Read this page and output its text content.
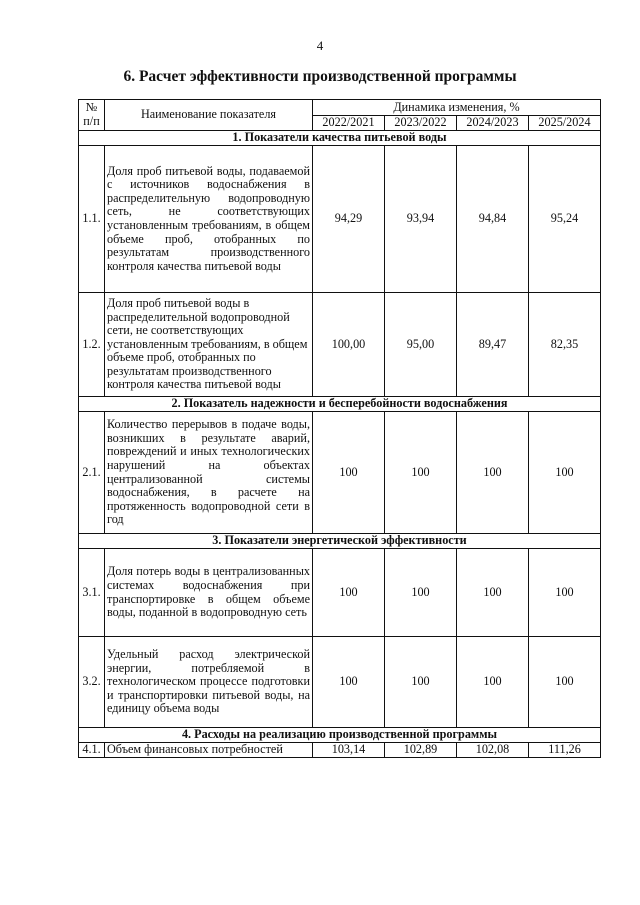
4
6. Расчет эффективности производственной программы
№
п/п	Наименование показателя	Динамика изменения, %			
		2022/2021	2023/2022	2024/2023	2025/2024
1. Показатели качества питьевой воды					
1.1.	Доля проб питьевой воды, подаваемой с источников водоснабжения в распределительную водопроводную сеть, не соответствующих установленным требованиям, в общем объеме проб, отобранных по результатам производственного контроля качества питьевой воды	94,29	93,94	94,84	95,24
1.2.	Доля проб питьевой воды в распределительной водопроводной сети, не соответствующих установленным требованиям, в общем объеме проб, отобранных по результатам производственного контроля качества питьевой воды	100,00	95,00	89,47	82,35
2. Показатель надежности и бесперебойности водоснабжения					
2.1.	Количество перерывов в подаче воды, возникших в результате аварий, повреждений и иных технологических нарушений на объектах централизованной системы водоснабжения, в расчете на протяженность водопроводной сети в год	100	100	100	100
3. Показатели энергетической эффективности					
3.1.	Доля потерь воды в централизованных системах водоснабжения при транспортировке в общем объеме воды, поданной в водопроводную сеть	100	100	100	100
3.2.	Удельный расход электрической энергии, потребляемой в технологическом процессе подготовки и транспортировки питьевой воды, на единицу объема воды	100	100	100	100
4. Расходы на реализацию производственной программы					
4.1.	Объем финансовых потребностей	103,14	102,89	102,08	111,26
